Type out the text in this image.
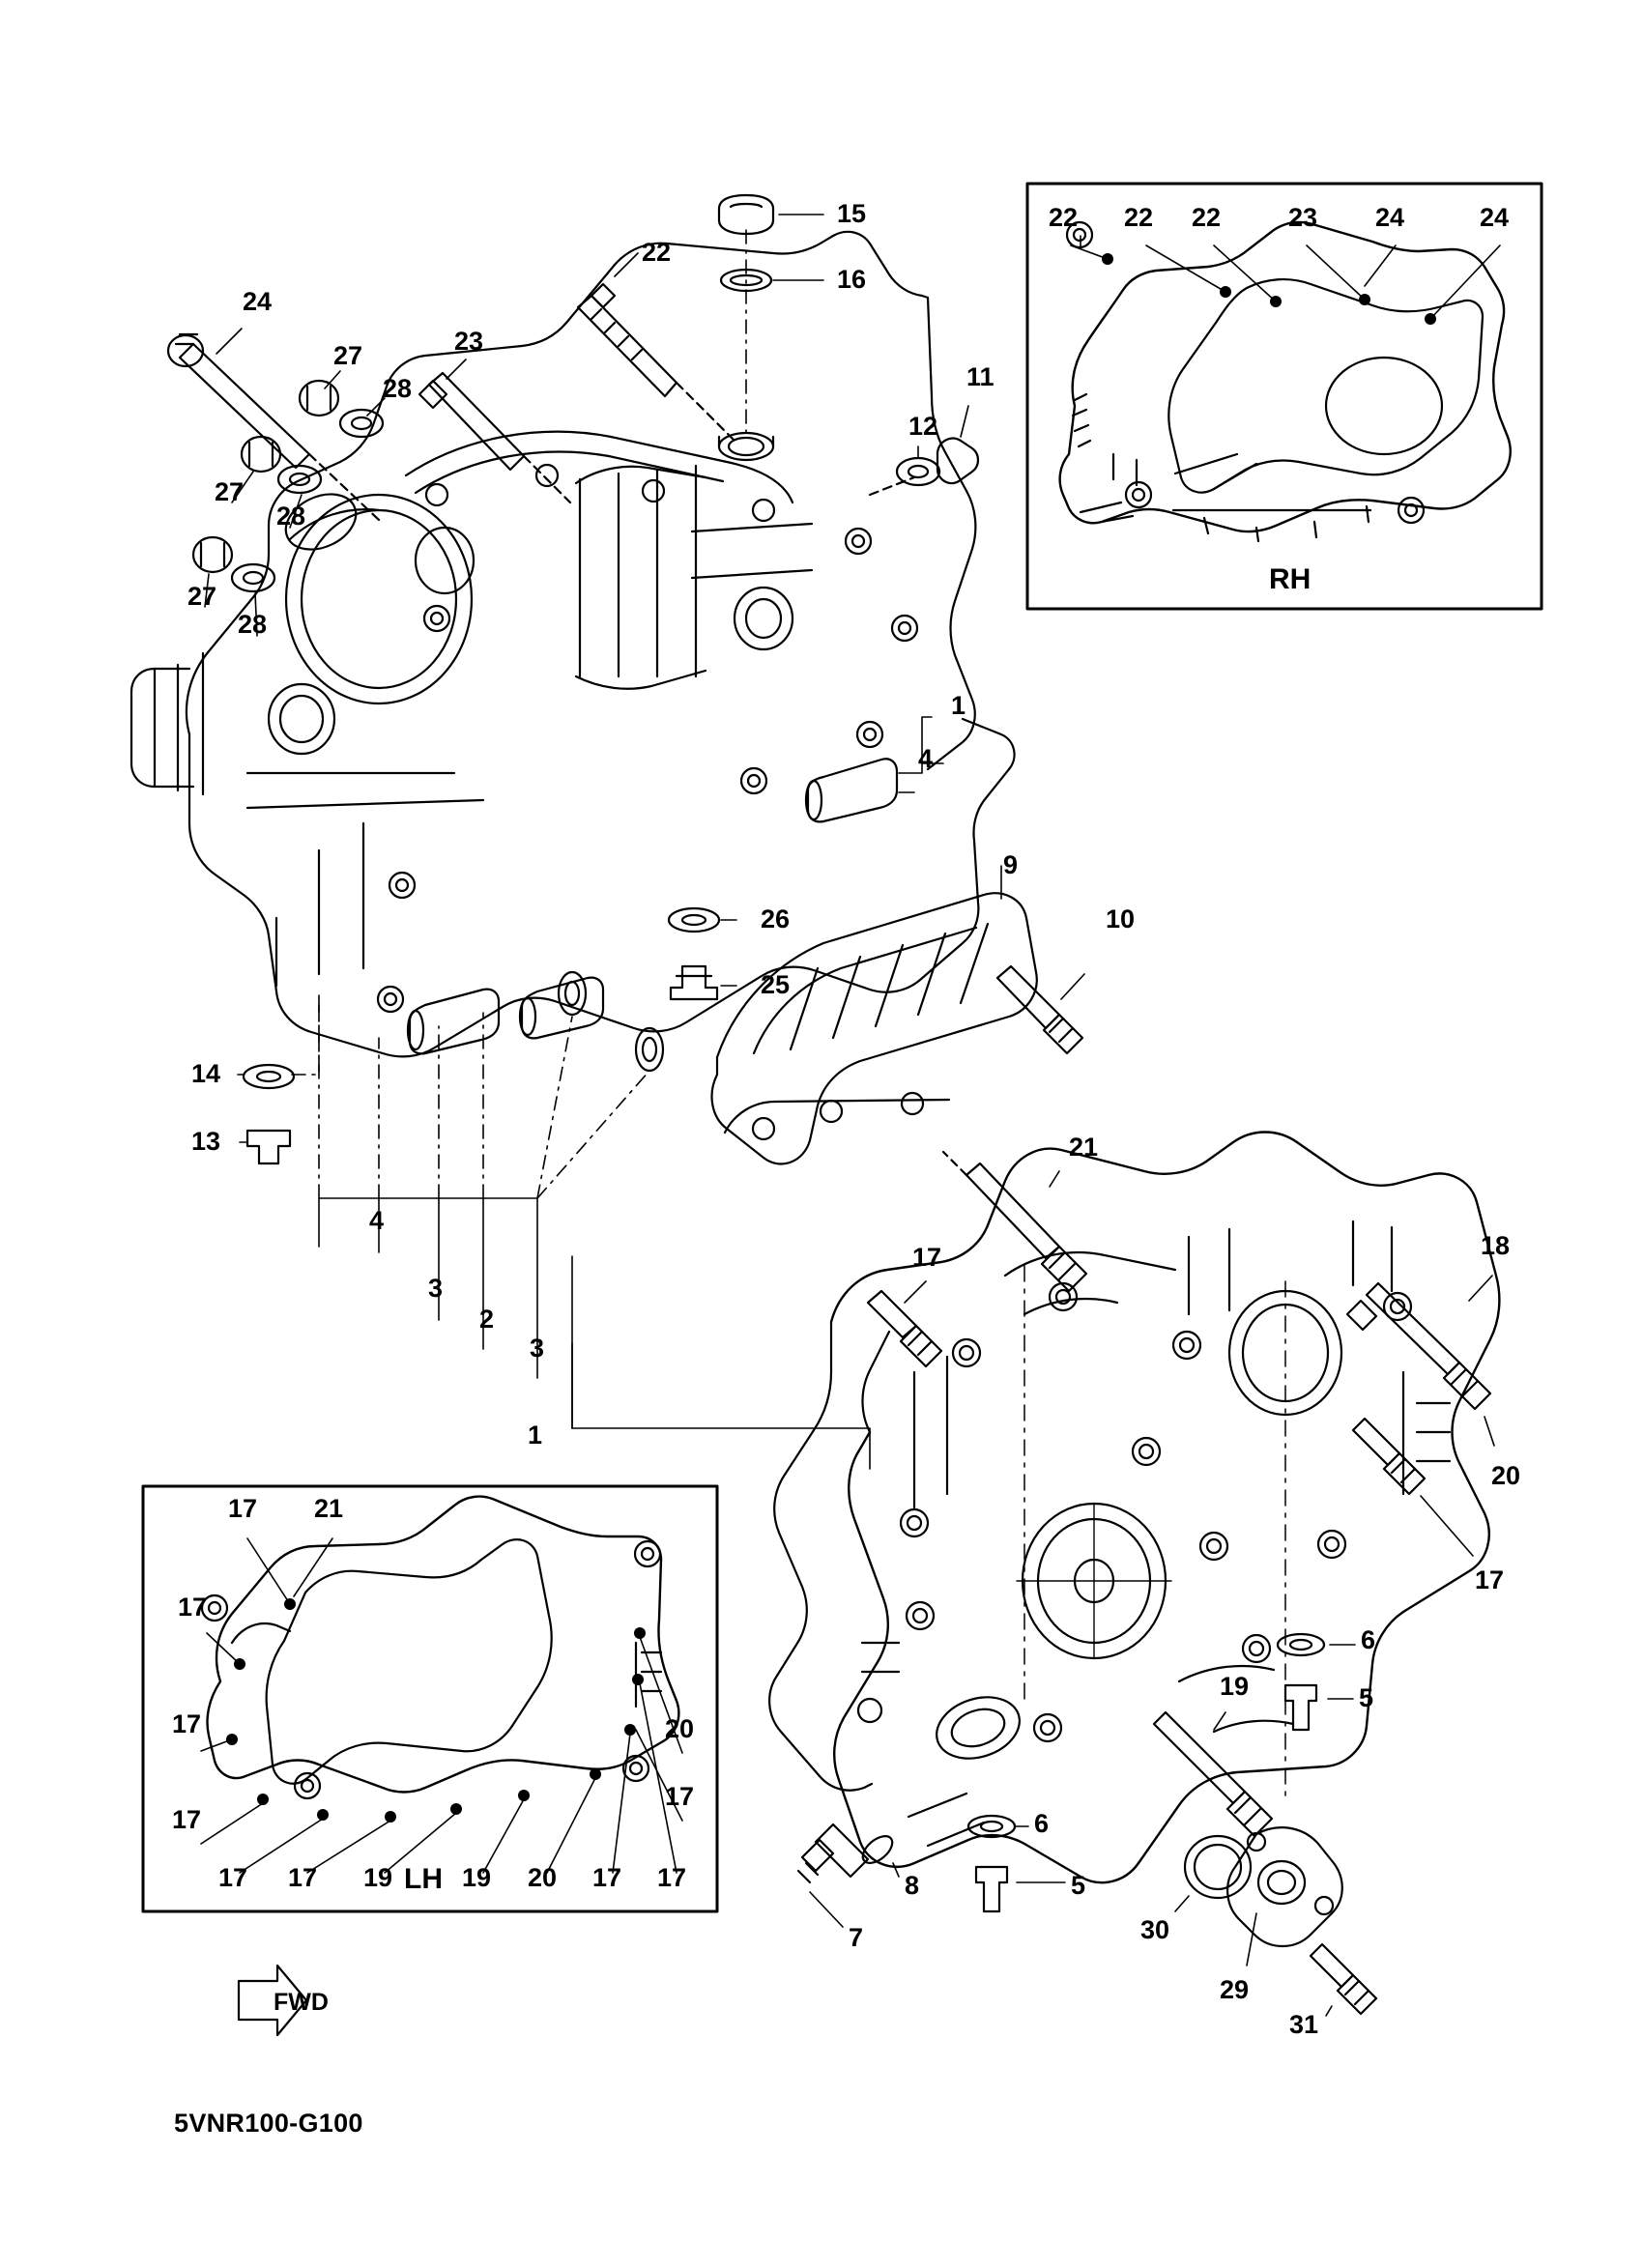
RH
LH
22 22 22	23 24	24
17 21
17
17
17
20
17
17 17 19	19 20 17 17
15
16
22
24
27
28
23
11
12
27
28
27
28
1
4
9
26	10
25
14
13	21
4
3
2
3
17	18
20
17
1
6
19	5
6
8	5
7	30
29
31
FWD
5VNR100-G100
